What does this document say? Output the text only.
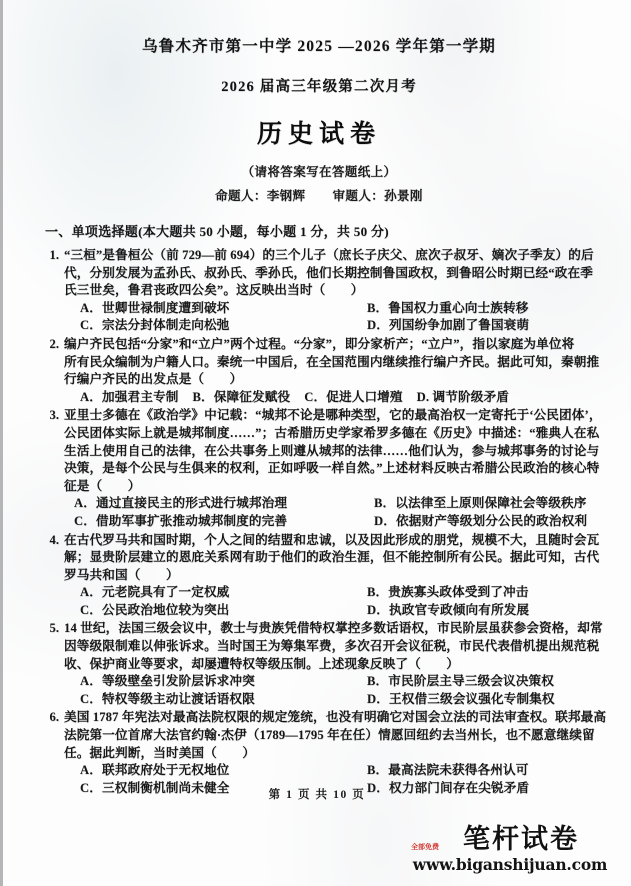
乌鲁木齐市第一中学 2025 —2026 学年第一学期
2026 届高三年级第二次月考
历史试卷
（请将答案写在答题纸上）
命题人：李钢辉 审题人：孙景刚
一、单项选择题(本大题共 50 小题，每小题 1 分，共 50 分)
1. “三桓”是鲁桓公（前 729—前 694）的三个儿子（庶长子庆父、庶次子叔牙、嫡次子季友）的后
代，分别发展为孟孙氏、叔孙氏、季孙氏，他们长期控制鲁国政权，到鲁昭公时期已经“政在季
氏三世矣，鲁君丧政四公矣”。这反映出当时（　　）
A．世卿世禄制度遭到破坏	B．鲁国权力重心向士族转移
C．宗法分封体制走向松弛	D．列国纷争加剧了鲁国衰萌
2. 编户齐民包括“分家”和“立户”两个过程。“分家”，即分家析产；“立户”，指以家庭为单位将
所有民众编制为户籍人口。秦统一中国后，在全国范围内继续推行编户齐民。据此可知，秦朝推
行编户齐民的出发点是（　　）
A．加强君主专制 B．保障征发赋役 C．促进人口增殖 D. 调节阶级矛盾
3. 亚里士多德在《政治学》中记载：“城邦不论是哪种类型，它的最高治权一定寄托于‘公民团体’，
公民团体实际上就是城邦制度……”；古希腊历史学家希罗多德在《历史》中描述：“雅典人在私
生活上使用自己的法律，在公共事务上则遵从城邦的法律……他们认为，参与城邦事务的讨论与
决策，是每个公民与生俱来的权利，正如呼吸一样自然。”上述材料反映古希腊公民政治的核心特
征是（　　）
A．通过直接民主的形式进行城邦治理	B．以法律至上原则保障社会等级秩序
C．借助军事扩张推动城邦制度的完善	D．依据财产等级划分公民的政治权利
4. 在古代罗马共和国时期，个人之间的结盟和忠诚，以及因此形成的朋党，规模不大，且随时会瓦
解；显贵阶层建立的恩庇关系网有助于他们的政治生涯，但不能控制所有公民。据此可知，古代
罗马共和国（　　）
A．元老院具有了一定权威	B．贵族寡头政体受到了冲击
C．公民政治地位较为突出	D．执政官专政倾向有所发展
5. 14 世纪，法国三级会议中，教士与贵族凭借特权掌控多数话语权，市民阶层虽获参会资格，却常
因等级限制难以伸张诉求。当时国王为筹集军费，多次召开会议征税，市民代表借机提出规范税
收、保护商业等要求，却屡遭特权等级压制。上述现象反映了（　　）
A．等级壁垒引发阶层诉求冲突	B．市民阶层主导三级会议决策权
C．特权等级主动让渡话语权限	D．王权借三级会议强化专制集权
6. 美国 1787 年宪法对最高法院权限的规定笼统，也没有明确它对国会立法的司法审查权。联邦最高
法院第一位首席大法官约翰·杰伊（1789—1795 年在任）情愿回纽约去当州长，也不愿意继续留
任。据此判断，当时美国（　　）
A．联邦政府处于无权地位	B．最高法院未获得各州认可
C．三权制衡机制尚未健全	D．权力部门间存在尖锐矛盾
第 1 页 共 10 页
全部免费 笔杆试卷
www.biganshijuan.com
